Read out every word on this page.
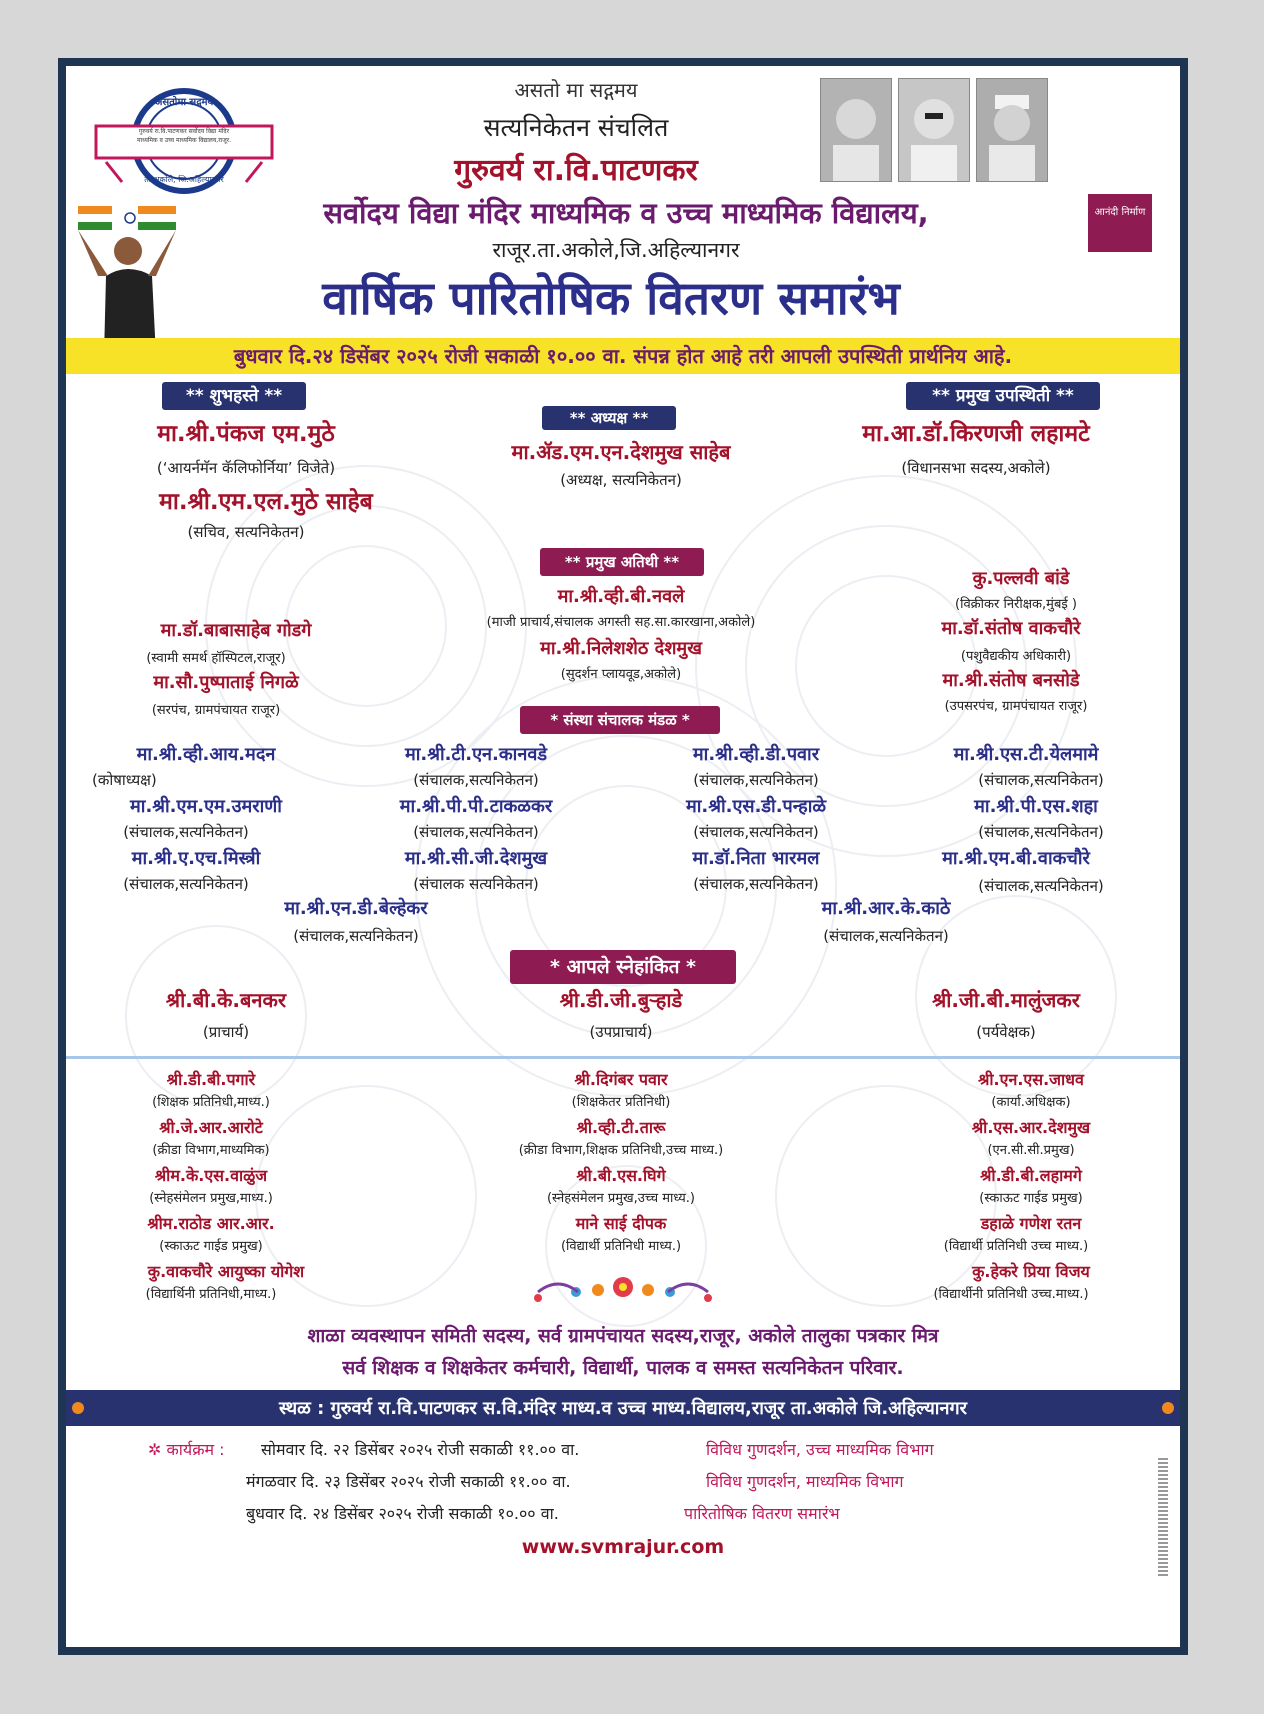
असतोमा सद्गमय
गुरुवर्य रा.वि.पाटणकर सर्वोदय विद्या मंदिर
माध्यमिक व उच्च माध्यमिक विद्यालय,राजूर.
ता.अकोले, जि.अहिल्यानगर
असतो मा सद्गमय
सत्यनिकेतन संचलित
गुरुवर्य रा.वि.पाटणकर
सर्वोदय विद्या मंदिर माध्यमिक व उच्च माध्यमिक विद्यालय,
राजूर.ता.अकोले,जि.अहिल्यानगर
वार्षिक पारितोषिक वितरण समारंभ
आनंदी निर्माण
बुधवार दि.२४ डिसेंबर २०२५ रोजी सकाळी १०.०० वा. संपन्न होत आहे तरी आपली उपस्थिती प्रार्थनिय आहे.
** शुभहस्ते **
** अध्यक्ष **
** प्रमुख उपस्थिती **
** प्रमुख अतिथी **
* संस्था संचालक मंडळ *
* आपले स्नेहांकित *
मा.श्री.पंकज एम.मुठे
(‘आयर्नमॅन कॅलिफोर्निया’ विजेते)
मा.श्री.एम.एल.मुठे साहेब
(सचिव, सत्यनिकेतन)
मा.ॲड.एम.एन.देशमुख साहेब
(अध्यक्ष, सत्यनिकेतन)
मा.आ.डॉ.किरणजी लहामटे
(विधानसभा सदस्य,अकोले)
मा.श्री.व्ही.बी.नवले
(माजी प्राचार्य,संचालक अगस्ती सह.सा.कारखाना,अकोले)
मा.श्री.निलेशशेठ देशमुख
(सुदर्शन प्लायवूड,अकोले)
मा.डॉ.बाबासाहेब गोडगे
(स्वामी समर्थ हॉस्पिटल,राजूर)
मा.सौ.पुष्पाताई निगळे
(सरपंच, ग्रामपंचायत राजूर)
कु.पल्लवी बांडे
(विक्रीकर निरीक्षक,मुंबई )
मा.डॉ.संतोष वाकचौरे
(पशुवैद्यकीय अधिकारी)
मा.श्री.संतोष बनसोडे
(उपसरपंच, ग्रामपंचायत राजूर)
मा.श्री.व्ही.आय.मदन
(कोषाध्यक्ष)
मा.श्री.एम.एम.उमराणी
(संचालक,सत्यनिकेतन)
मा.श्री.ए.एच.मिस्त्री
(संचालक,सत्यनिकेतन)
मा.श्री.टी.एन.कानवडे
(संचालक,सत्यनिकेतन)
मा.श्री.पी.पी.टाकळकर
(संचालक,सत्यनिकेतन)
मा.श्री.सी.जी.देशमुख
(संचालक सत्यनिकेतन)
मा.श्री.व्ही.डी.पवार
(संचालक,सत्यनिकेतन)
मा.श्री.एस.डी.पन्हाळे
(संचालक,सत्यनिकेतन)
मा.डॉ.निता भारमल
(संचालक,सत्यनिकेतन)
मा.श्री.एस.टी.येलमामे
(संचालक,सत्यनिकेतन)
मा.श्री.पी.एस.शहा
(संचालक,सत्यनिकेतन)
मा.श्री.एम.बी.वाकचौरे
(संचालक,सत्यनिकेतन)
मा.श्री.एन.डी.बेल्हेकर
(संचालक,सत्यनिकेतन)
मा.श्री.आर.के.काठे
(संचालक,सत्यनिकेतन)
श्री.बी.के.बनकर
(प्राचार्य)
श्री.डी.जी.बुऱ्हाडे
(उपप्राचार्य)
श्री.जी.बी.मालुंजकर
(पर्यवेक्षक)
श्री.डी.बी.पगारे
(शिक्षक प्रतिनिधी,माध्य.)
श्री.जे.आर.आरोटे
(क्रीडा विभाग,माध्यमिक)
श्रीम.के.एस.वाळुंज
(स्नेहसंमेलन प्रमुख,माध्य.)
श्रीम.राठोड आर.आर.
(स्काऊट गाईड प्रमुख)
कु.वाकचौरे आयुष्का योगेश
(विद्यार्थिनी प्रतिनिधी,माध्य.)
श्री.दिगंबर पवार
(शिक्षकेतर प्रतिनिधी)
श्री.व्ही.टी.तारू
(क्रीडा विभाग,शिक्षक प्रतिनिधी,उच्च माध्य.)
श्री.बी.एस.घिगे
(स्नेहसंमेलन प्रमुख,उच्च माध्य.)
माने साई दीपक
(विद्यार्थी प्रतिनिधी माध्य.)
श्री.एन.एस.जाधव
(कार्या.अधिक्षक)
श्री.एस.आर.देशमुख
(एन.सी.सी.प्रमुख)
श्री.डी.बी.लहामगे
(स्काऊट गाईड प्रमुख)
डहाळे गणेश रतन
(विद्यार्थी प्रतिनिधी उच्च माध्य.)
कु.हेकरे प्रिया विजय
(विद्यार्थीनी प्रतिनिधी उच्च.माध्य.)
शाळा व्यवस्थापन समिती सदस्य, सर्व ग्रामपंचायत सदस्य,राजूर, अकोले तालुका पत्रकार मित्र
सर्व शिक्षक व शिक्षकेतर कर्मचारी, विद्यार्थी, पालक व समस्त सत्यनिकेतन परिवार.
स्थळ : गुरुवर्य रा.वि.पाटणकर स.वि.मंदिर माध्य.व उच्च माध्य.विद्यालय,राजूर ता.अकोले जि.अहिल्यानगर
✲ कार्यक्रम : सोमवार दि. २२ डिसेंबर २०२५ रोजी सकाळी ११.०० वा.	विविध गुणदर्शन, उच्च माध्यमिक विभाग
मंगळवार दि. २३ डिसेंबर २०२५ रोजी सकाळी ११.०० वा.	विविध गुणदर्शन, माध्यमिक विभाग
बुधवार दि. २४ डिसेंबर २०२५ रोजी सकाळी १०.०० वा.	पारितोषिक वितरण समारंभ
www.svmrajur.com
